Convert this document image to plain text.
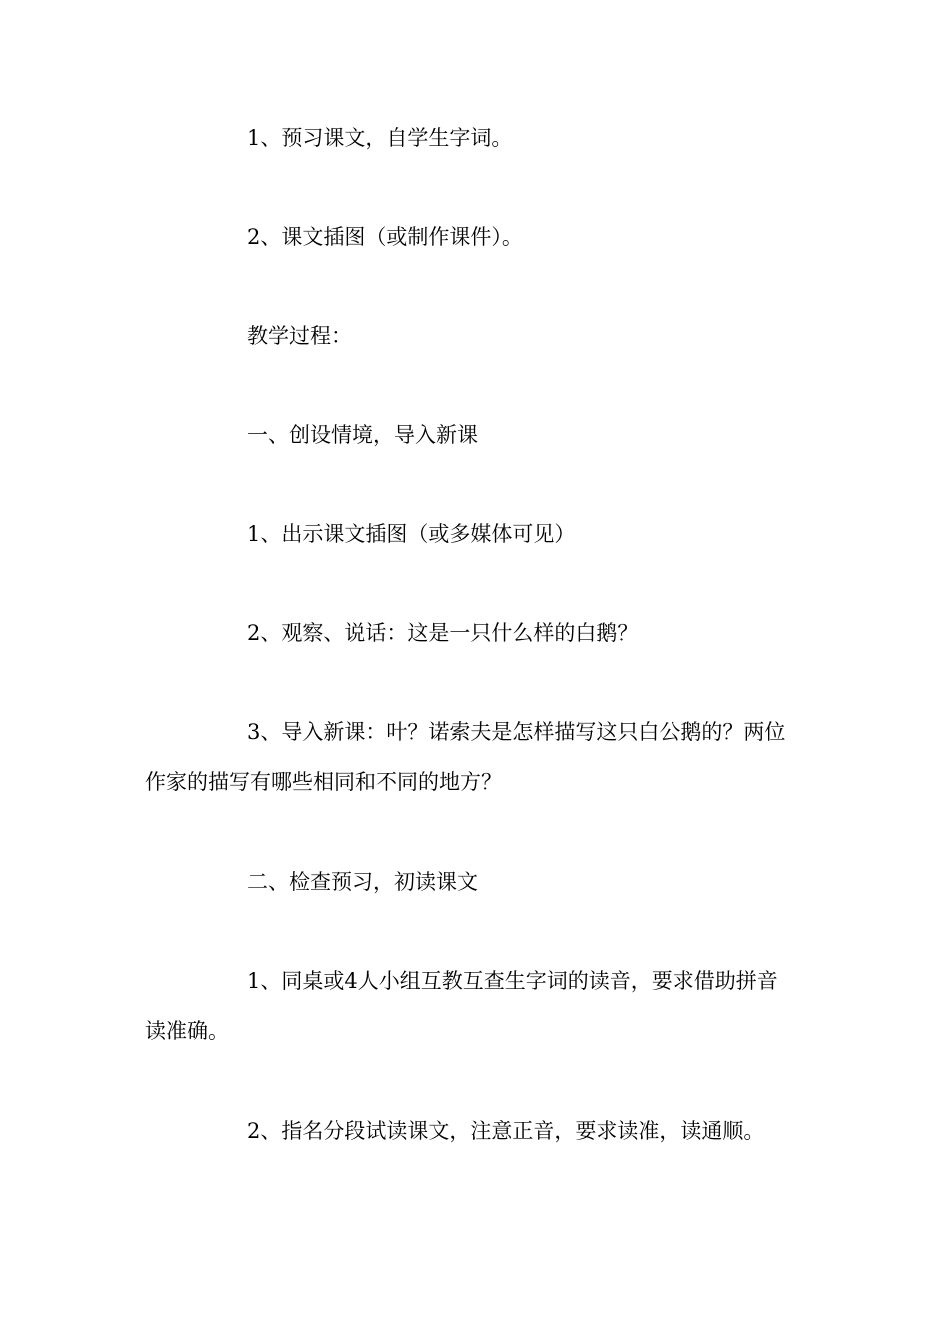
1、预习课文，自学生字词。

2、课文插图（或制作课件）。

教学过程：

一、创设情境，导入新课

1、出示课文插图（或多媒体可见）

2、观察、说话：这是一只什么样的白鹅？

3、导入新课：叶？诺索夫是怎样描写这只白公鹅的？两位作家的描写有哪些相同和不同的地方？

二、检查预习，初读课文

1、同桌或4人小组互教互查生字词的读音，要求借助拼音读准确。

2、指名分段试读课文，注意正音，要求读准，读通顺。
